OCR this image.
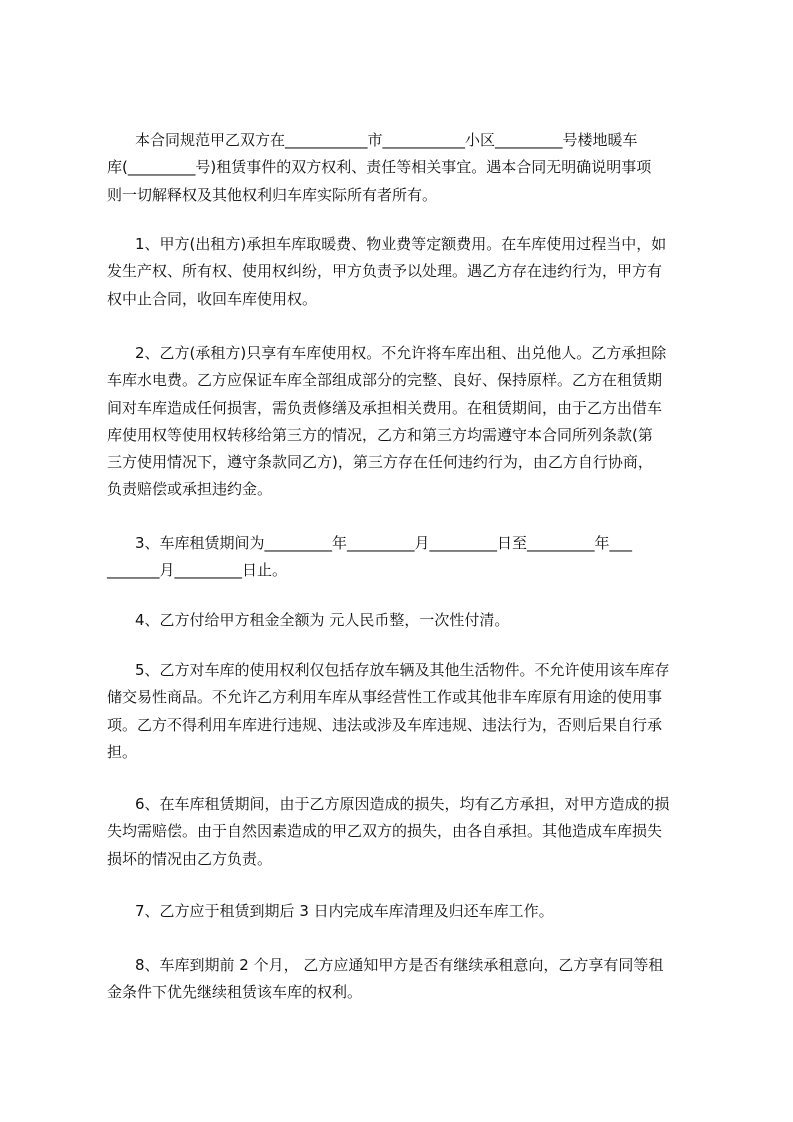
本合同规范甲乙双方在___________市___________小区_________号楼地暖车
库(_________号)租赁事件的双方权利、责任等相关事宜。遇本合同无明确说明事项
则一切解释权及其他权利归车库实际所有者所有。
1、甲方(出租方)承担车库取暖费、物业费等定额费用。在车库使用过程当中，如
发生产权、所有权、使用权纠纷，甲方负责予以处理。遇乙方存在违约行为，甲方有
权中止合同，收回车库使用权。
2、乙方(承租方)只享有车库使用权。不允许将车库出租、出兑他人。乙方承担除
车库水电费。乙方应保证车库全部组成部分的完整、良好、保持原样。乙方在租赁期
间对车库造成任何损害，需负责修缮及承担相关费用。在租赁期间，由于乙方出借车
库使用权等使用权转移给第三方的情况，乙方和第三方均需遵守本合同所列条款(第
三方使用情况下，遵守条款同乙方)，第三方存在任何违约行为，由乙方自行协商，
负责赔偿或承担违约金。
3、车库租赁期间为_________年_________月_________日至_________年___
_______月_________日止。
4、乙方付给甲方租金全额为 元人民币整，一次性付清。
5、乙方对车库的使用权利仅包括存放车辆及其他生活物件。不允许使用该车库存
储交易性商品。不允许乙方利用车库从事经营性工作或其他非车库原有用途的使用事
项。乙方不得利用车库进行违规、违法或涉及车库违规、违法行为，否则后果自行承
担。
6、在车库租赁期间，由于乙方原因造成的损失，均有乙方承担，对甲方造成的损
失均需赔偿。由于自然因素造成的甲乙双方的损失，由各自承担。其他造成车库损失
损坏的情况由乙方负责。
7、乙方应于租赁到期后 3 日内完成车库清理及归还车库工作。
8、车库到期前 2 个月， 乙方应通知甲方是否有继续承租意向，乙方享有同等租
金条件下优先继续租赁该车库的权利。
